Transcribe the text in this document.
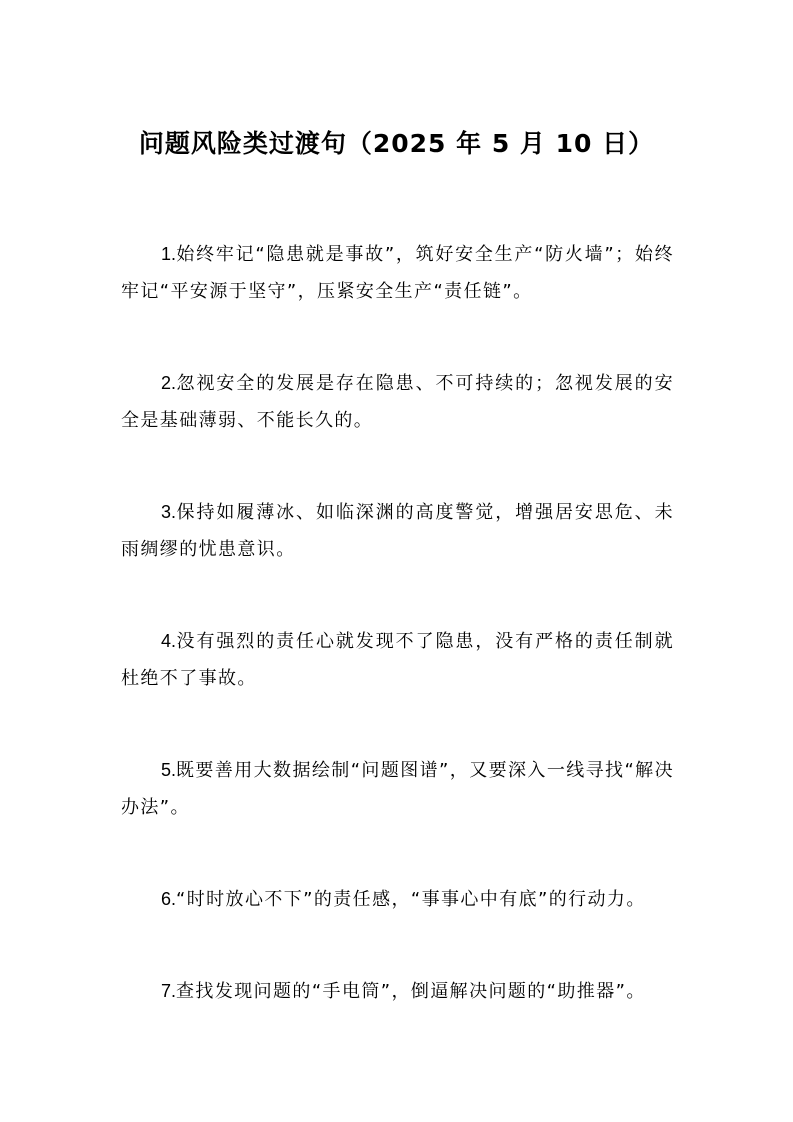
问题风险类过渡句（2025 年 5 月 10 日）

1.始终牢记“隐患就是事故”，筑好安全生产“防火墙”；始终牢记“平安源于坚守”，压紧安全生产“责任链”。

2.忽视安全的发展是存在隐患、不可持续的；忽视发展的安全是基础薄弱、不能长久的。

3.保持如履薄冰、如临深渊的高度警觉，增强居安思危、未雨绸缪的忧患意识。

4.没有强烈的责任心就发现不了隐患，没有严格的责任制就杜绝不了事故。

5.既要善用大数据绘制“问题图谱”，又要深入一线寻找“解决办法”。

6.“时时放心不下”的责任感，“事事心中有底”的行动力。

7.查找发现问题的“手电筒”，倒逼解决问题的“助推器”。
